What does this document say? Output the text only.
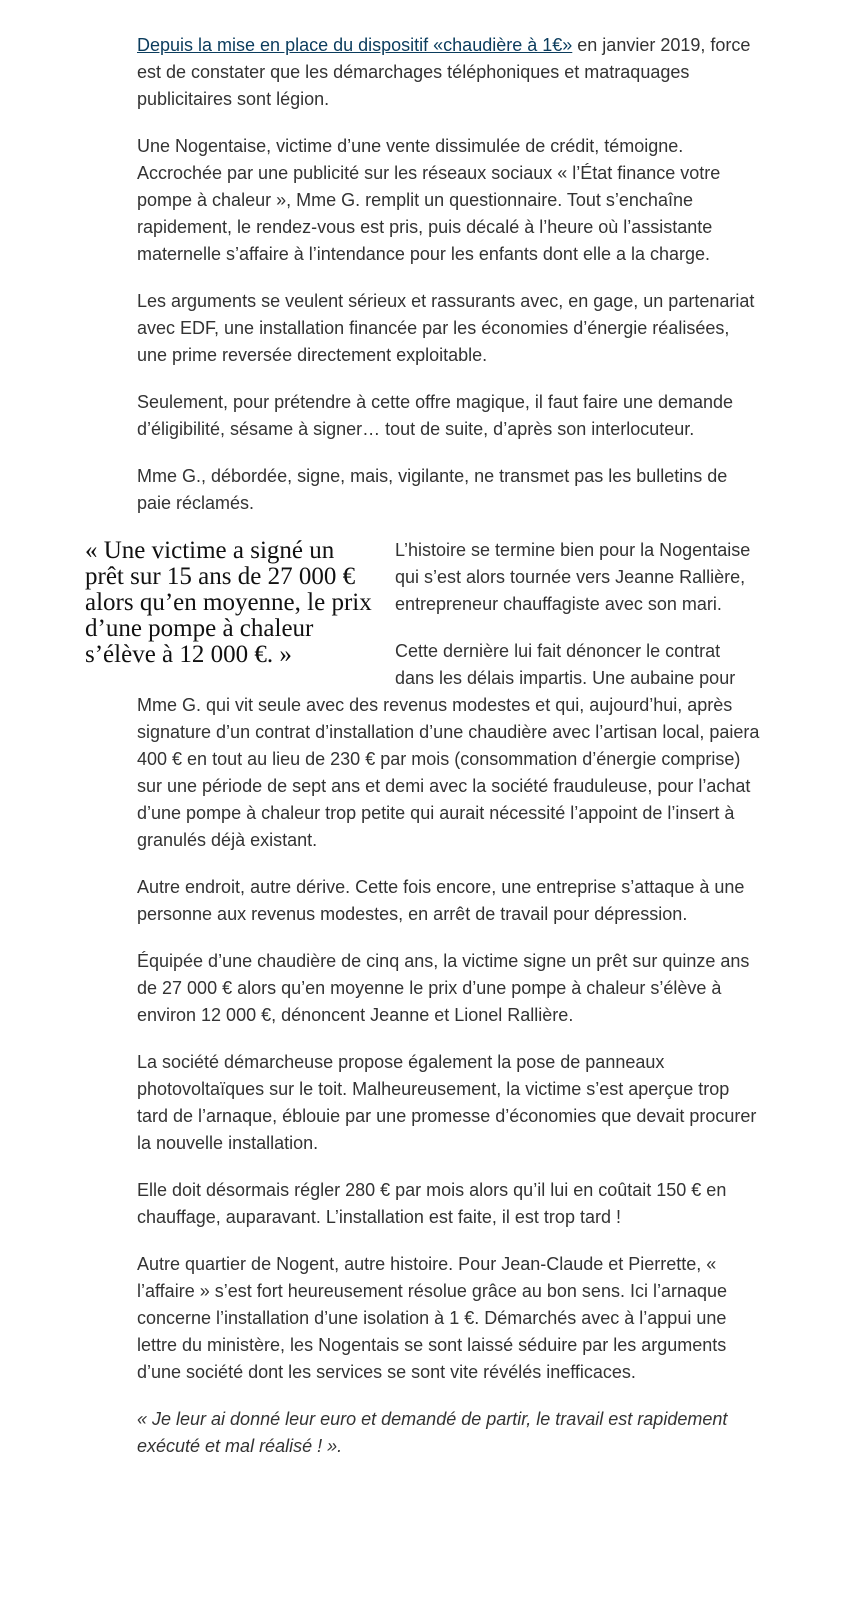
Depuis la mise en place du dispositif «chaudière à 1€» en janvier 2019, force est de constater que les démarchages téléphoniques et matraquages publicitaires sont légion.

Une Nogentaise, victime d’une vente dissimulée de crédit, témoigne. Accrochée par une publicité sur les réseaux sociaux « l’État finance votre pompe à chaleur », Mme G. remplit un questionnaire. Tout s’enchaîne rapidement, le rendez-vous est pris, puis décalé à l’heure où l’assistante maternelle s’affaire à l’intendance pour les enfants dont elle a la charge.

Les arguments se veulent sérieux et rassurants avec, en gage, un partenariat avec EDF, une installation financée par les économies d’énergie réalisées, une prime reversée directement exploitable.

Seulement, pour prétendre à cette offre magique, il faut faire une demande d’éligibilité, sésame à signer… tout de suite, d’après son interlocuteur.

Mme G., débordée, signe, mais, vigilante, ne transmet pas les bulletins de paie réclamés.

« Une victime a signé un prêt sur 15 ans de 27 000 € alors qu’en moyenne, le prix d’une pompe à chaleur s’élève à 12 000 €. »

L’histoire se termine bien pour la Nogentaise qui s’est alors tournée vers Jeanne Rallière, entrepreneur chauffagiste avec son mari.

Cette dernière lui fait dénoncer le contrat dans les délais impartis. Une aubaine pour Mme G. qui vit seule avec des revenus modestes et qui, aujourd’hui, après signature d’un contrat d’installation d’une chaudière avec l’artisan local, paiera 400 € en tout au lieu de 230 € par mois (consommation d’énergie comprise) sur une période de sept ans et demi avec la société frauduleuse, pour l’achat d’une pompe à chaleur trop petite qui aurait nécessité l’appoint de l’insert à granulés déjà existant.

Autre endroit, autre dérive. Cette fois encore, une entreprise s’attaque à une personne aux revenus modestes, en arrêt de travail pour dépression.

Équipée d’une chaudière de cinq ans, la victime signe un prêt sur quinze ans de 27 000 € alors qu’en moyenne le prix d’une pompe à chaleur s’élève à environ 12 000 €, dénoncent Jeanne et Lionel Rallière.

La société démarcheuse propose également la pose de panneaux photovoltaïques sur le toit. Malheureusement, la victime s’est aperçue trop tard de l’arnaque, éblouie par une promesse d’économies que devait procurer la nouvelle installation.

Elle doit désormais régler 280 € par mois alors qu’il lui en coûtait 150 € en chauffage, auparavant. L’installation est faite, il est trop tard !

Autre quartier de Nogent, autre histoire. Pour Jean-Claude et Pierrette, « l’affaire » s’est fort heureusement résolue grâce au bon sens. Ici l’arnaque concerne l’installation d’une isolation à 1 €. Démarchés avec à l’appui une lettre du ministère, les Nogentais se sont laissé séduire par les arguments d’une société dont les services se sont vite révélés inefficaces.

« Je leur ai donné leur euro et demandé de partir, le travail est rapidement exécuté et mal réalisé ! ».
